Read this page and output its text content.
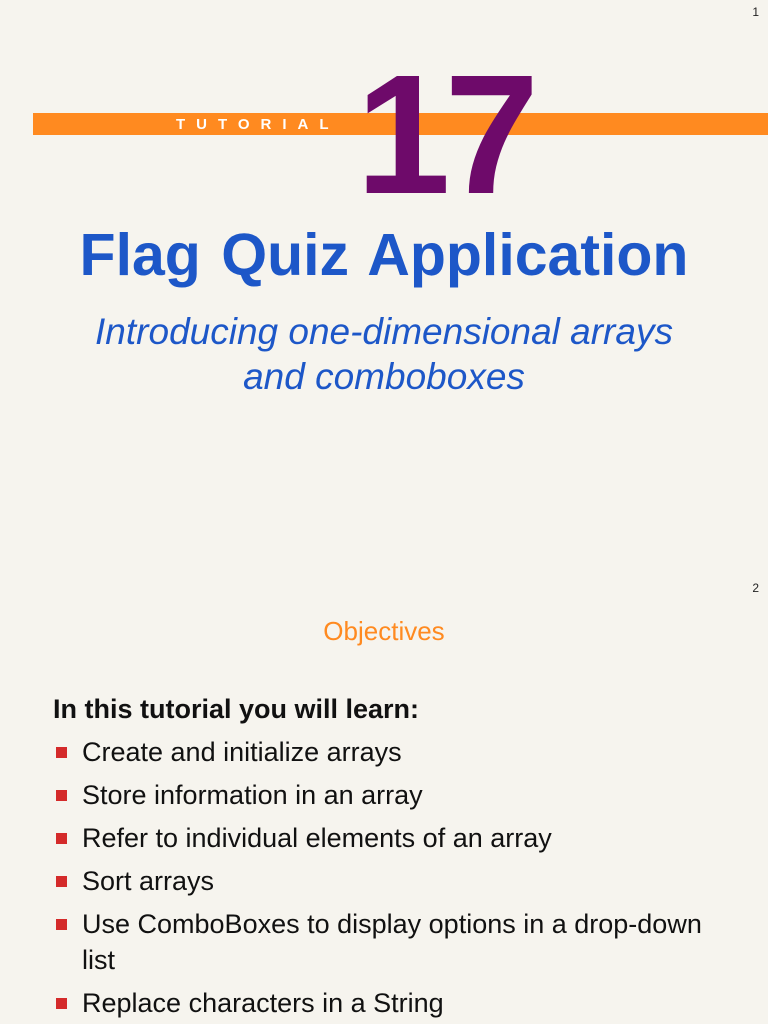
1
TUTORIAL 17
Flag Quiz Application
Introducing one-dimensional arrays
and comboboxes
2
Objectives
In this tutorial you will learn:
Create and initialize arrays
Store information in an array
Refer to individual elements of an array
Sort arrays
Use ComboBoxes to display options in a drop-down list
Replace characters in a String
